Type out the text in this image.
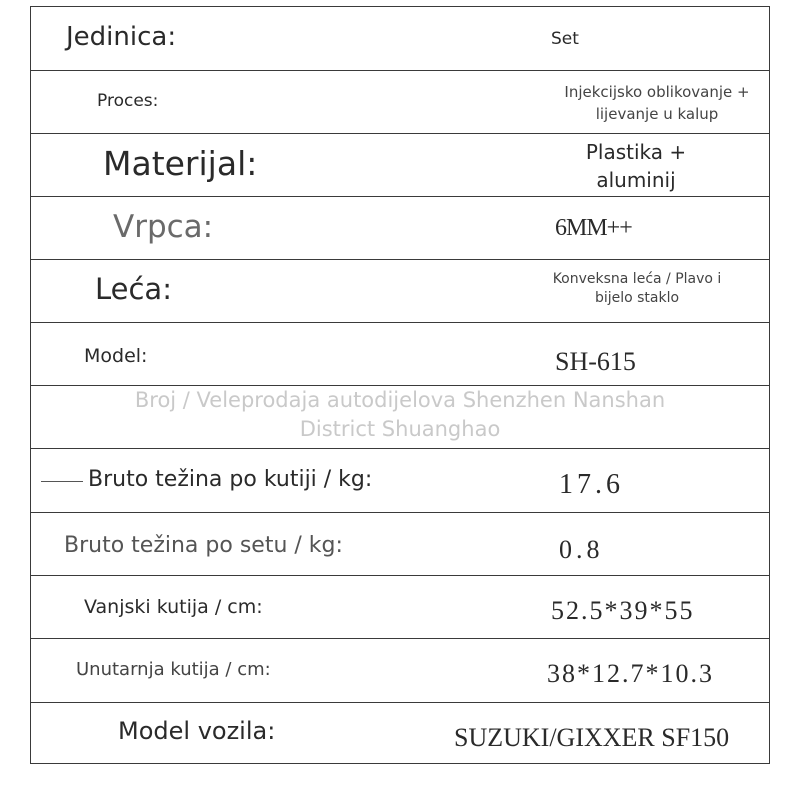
Jedinica:	Set
Proces:	Injekcijsko oblikovanje +
lijevanje u kalup
Materijal:	Plastika +
aluminij
Vrpca:	6MM++
Leća:	Konveksna leća / Plavo i
bijelo staklo
Model:	SH-615
Broj / Veleprodaja autodijelova Shenzhen Nanshan
District Shuanghao
Bruto težina po kutiji / kg:	17.6
Bruto težina po setu / kg:	0.8
Vanjski kutija / cm:	52.5*39*55
Unutarnja kutija / cm:	38*12.7*10.3
Model vozila:	SUZUKI/GIXXER SF150
